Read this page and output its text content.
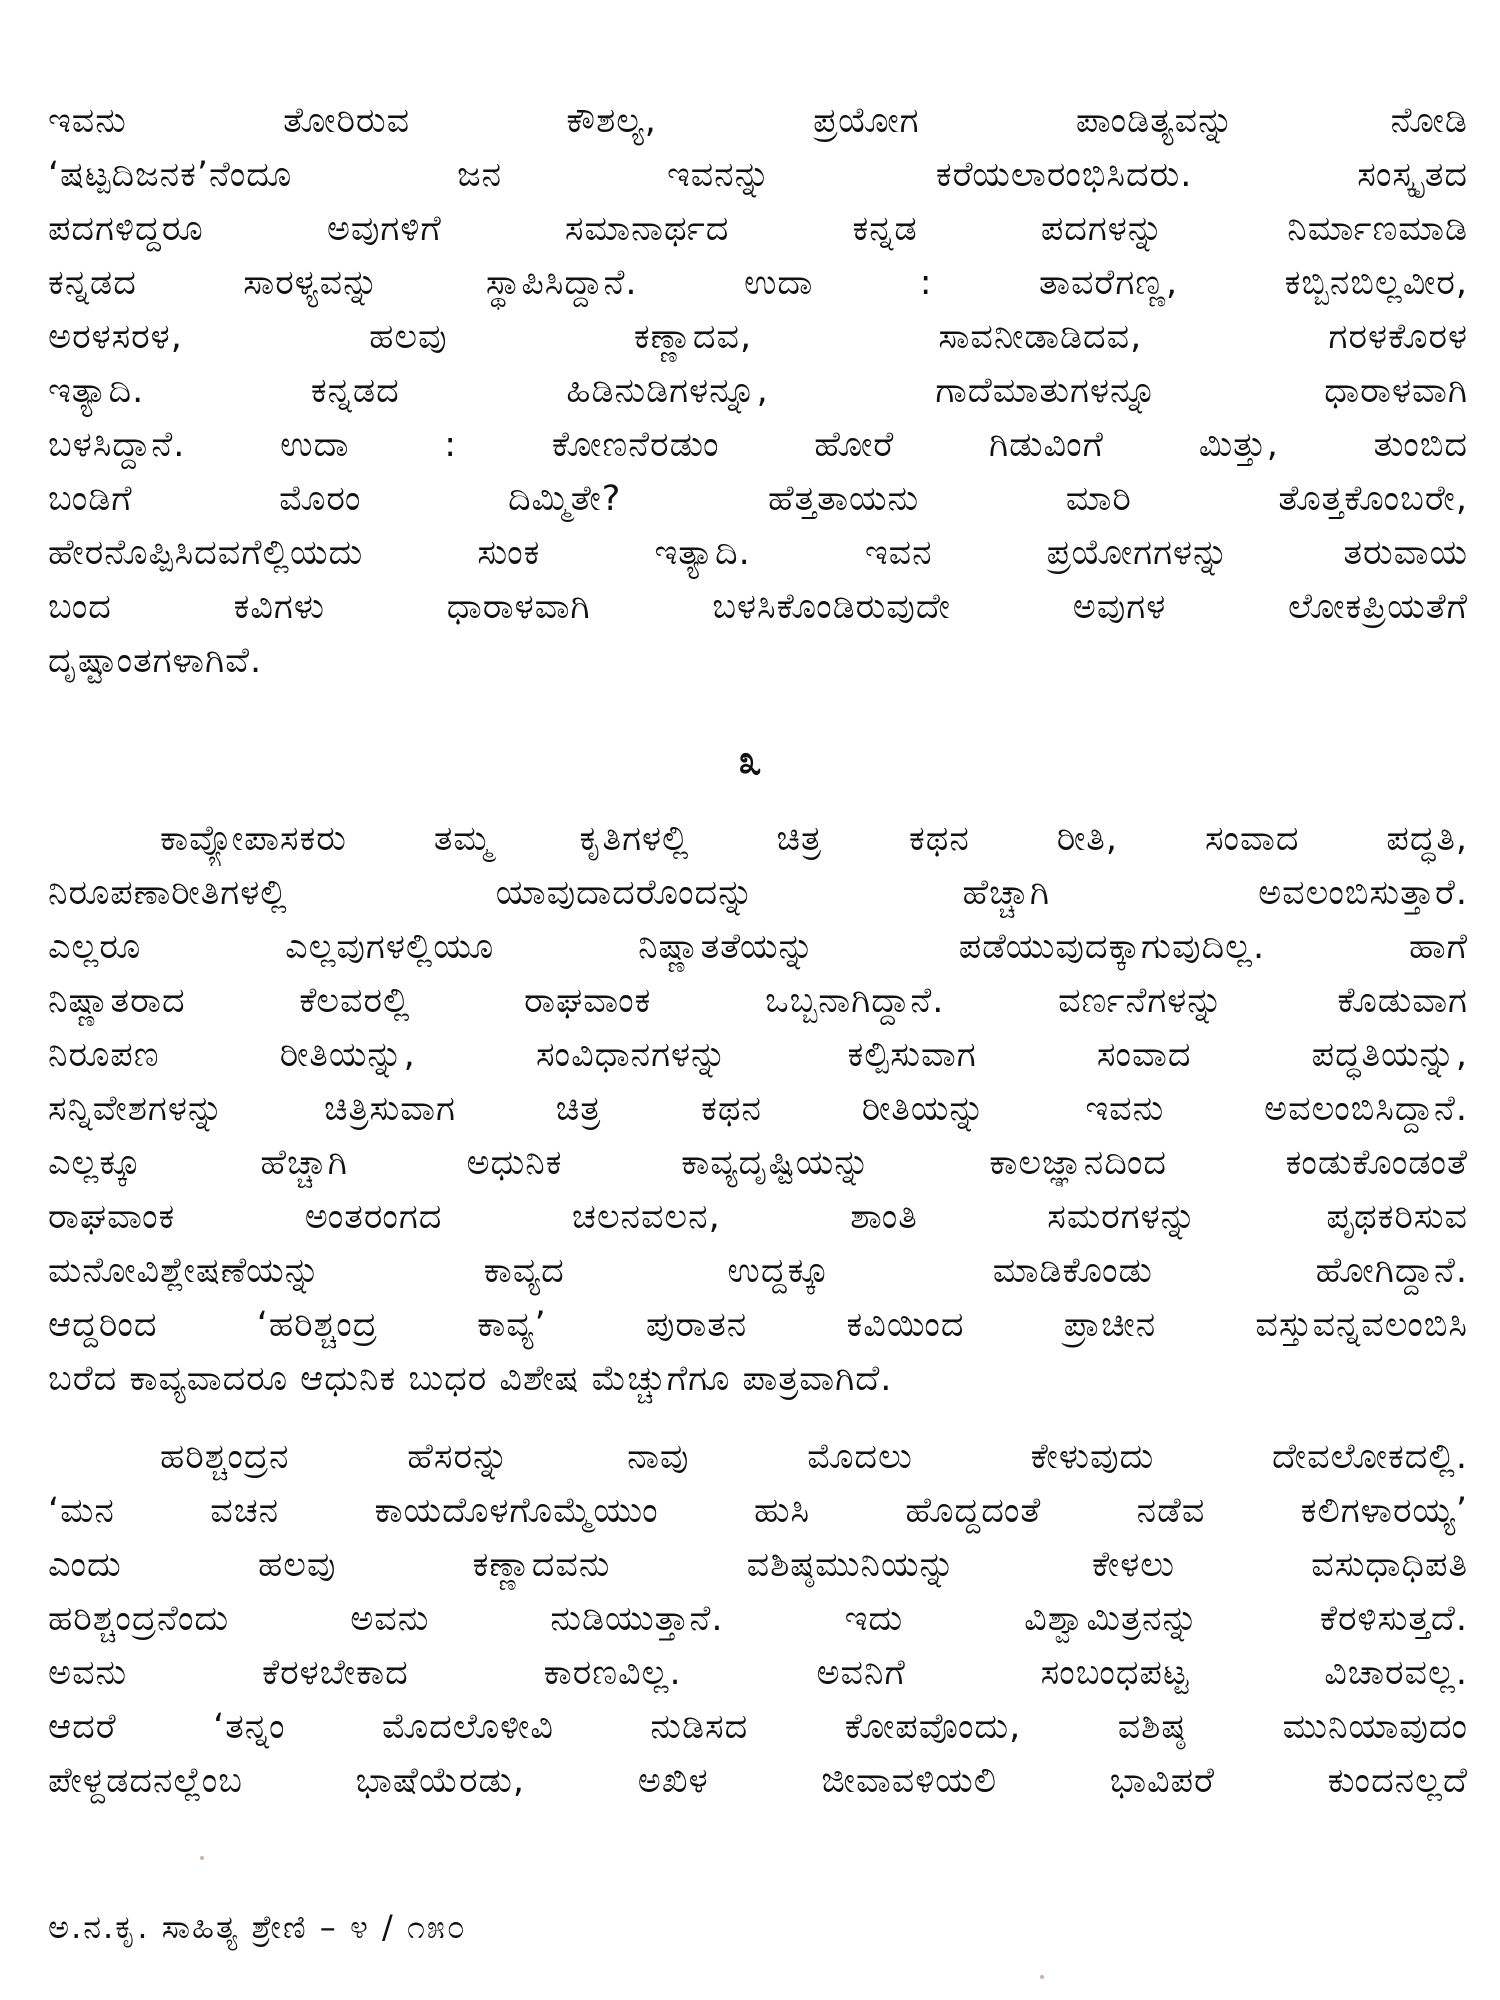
ಇವನು ತೋರಿರುವ ಕೌಶಲ್ಯ, ಪ್ರಯೋಗ ಪಾಂಡಿತ್ಯವನ್ನು ನೋಡಿ
‘ಷಟ್ಪದಿಜನಕ’ನೆಂದೂ ಜನ ಇವನನ್ನು ಕರೆಯಲಾರಂಭಿಸಿದರು. ಸಂಸ್ಕೃತದ
ಪದಗಳಿದ್ದರೂ ಅವುಗಳಿಗೆ ಸಮಾನಾರ್ಥದ ಕನ್ನಡ ಪದಗಳನ್ನು ನಿರ್ಮಾಣಮಾಡಿ
ಕನ್ನಡದ ಸಾರಳ್ಯವನ್ನು ಸ್ಥಾಪಿಸಿದ್ದಾನೆ. ಉದಾ : ತಾವರೆಗಣ್ಣ, ಕಬ್ಬಿನಬಿಲ್ಲವೀರ,
ಅರಳಸರಳ, ಹಲವು ಕಣ್ಣಾದವ, ಸಾವನೀಡಾಡಿದವ, ಗರಳಕೊರಳ
ಇತ್ಯಾದಿ. ಕನ್ನಡದ ಹಿಡಿನುಡಿಗಳನ್ನೂ, ಗಾದೆಮಾತುಗಳನ್ನೂ ಧಾರಾಳವಾಗಿ
ಬಳಸಿದ್ದಾನೆ. ಉದಾ : ಕೋಣನೆರಡುಂ ಹೋರೆ ಗಿಡುವಿಂಗೆ ಮಿತ್ತು, ತುಂಬಿದ
ಬಂಡಿಗೆ ಮೊರಂ ದಿಮ್ಮಿತೇ? ಹೆತ್ತತಾಯನು ಮಾರಿ ತೊತ್ತಕೊಂಬರೇ,
ಹೇರನೊಪ್ಪಿಸಿದವಗೆಲ್ಲಿಯದು ಸುಂಕ ಇತ್ಯಾದಿ. ಇವನ ಪ್ರಯೋಗಗಳನ್ನು ತರುವಾಯ
ಬಂದ ಕವಿಗಳು ಧಾರಾಳವಾಗಿ ಬಳಸಿಕೊಂಡಿರುವುದೇ ಅವುಗಳ ಲೋಕಪ್ರಿಯತೆಗೆ
ದೃಷ್ಟಾಂತಗಳಾಗಿವೆ.
೩
ಕಾವ್ಯೋಪಾಸಕರು ತಮ್ಮ ಕೃತಿಗಳಲ್ಲಿ ಚಿತ್ರ ಕಥನ ರೀತಿ, ಸಂವಾದ ಪದ್ಧತಿ,
ನಿರೂಪಣಾರೀತಿಗಳಲ್ಲಿ ಯಾವುದಾದರೊಂದನ್ನು ಹೆಚ್ಚಾಗಿ ಅವಲಂಬಿಸುತ್ತಾರೆ.
ಎಲ್ಲರೂ ಎಲ್ಲವುಗಳಲ್ಲಿಯೂ ನಿಷ್ಣಾತತೆಯನ್ನು ಪಡೆಯುವುದಕ್ಕಾಗುವುದಿಲ್ಲ. ಹಾಗೆ
ನಿಷ್ಣಾತರಾದ ಕೆಲವರಲ್ಲಿ ರಾಘವಾಂಕ ಒಬ್ಬನಾಗಿದ್ದಾನೆ. ವರ್ಣನೆಗಳನ್ನು ಕೊಡುವಾಗ
ನಿರೂಪಣ ರೀತಿಯನ್ನು, ಸಂವಿಧಾನಗಳನ್ನು ಕಲ್ಪಿಸುವಾಗ ಸಂವಾದ ಪದ್ಧತಿಯನ್ನು,
ಸನ್ನಿವೇಶಗಳನ್ನು ಚಿತ್ರಿಸುವಾಗ ಚಿತ್ರ ಕಥನ ರೀತಿಯನ್ನು ಇವನು ಅವಲಂಬಿಸಿದ್ದಾನೆ.
ಎಲ್ಲಕ್ಕೂ ಹೆಚ್ಚಾಗಿ ಅಧುನಿಕ ಕಾವ್ಯದೃಷ್ಟಿಯನ್ನು ಕಾಲಜ್ಞಾನದಿಂದ ಕಂಡುಕೊಂಡಂತೆ
ರಾಘವಾಂಕ ಅಂತರಂಗದ ಚಲನವಲನ, ಶಾಂತಿ ಸಮರಗಳನ್ನು ಪೃಥಕರಿಸುವ
ಮನೋವಿಶ್ಲೇಷಣೆಯನ್ನು ಕಾವ್ಯದ ಉದ್ದಕ್ಕೂ ಮಾಡಿಕೊಂಡು ಹೋಗಿದ್ದಾನೆ.
ಆದ್ದರಿಂದ ‘ಹರಿಶ್ಚಂದ್ರ ಕಾವ್ಯ’ ಪುರಾತನ ಕವಿಯಿಂದ ಪ್ರಾಚೀನ ವಸ್ತುವನ್ನವಲಂಬಿಸಿ
ಬರೆದ ಕಾವ್ಯವಾದರೂ ಆಧುನಿಕ ಬುಧರ ವಿಶೇಷ ಮೆಚ್ಚುಗೆಗೂ ಪಾತ್ರವಾಗಿದೆ.
ಹರಿಶ್ಚಂದ್ರನ ಹೆಸರನ್ನು ನಾವು ಮೊದಲು ಕೇಳುವುದು ದೇವಲೋಕದಲ್ಲಿ.
‘ಮನ ವಚನ ಕಾಯದೊಳಗೊಮ್ಮೆಯುಂ ಹುಸಿ ಹೊದ್ದದಂತೆ ನಡೆವ ಕಲಿಗಳಾರಯ್ಯ’
ಎಂದು ಹಲವು ಕಣ್ಣಾದವನು ವಶಿಷ್ಠಮುನಿಯನ್ನು ಕೇಳಲು ವಸುಧಾಧಿಪತಿ
ಹರಿಶ್ಚಂದ್ರನೆಂದು ಅವನು ನುಡಿಯುತ್ತಾನೆ. ಇದು ವಿಶ್ವಾಮಿತ್ರನನ್ನು ಕೆರಳಿಸುತ್ತದೆ.
ಅವನು ಕೆರಳಬೇಕಾದ ಕಾರಣವಿಲ್ಲ. ಅವನಿಗೆ ಸಂಬಂಧಪಟ್ಟ ವಿಚಾರವಲ್ಲ.
ಆದರೆ ‘ತನ್ನಂ ಮೊದಲೊಳೀವಿ ನುಡಿಸದ ಕೋಪವೊಂದು, ವಶಿಷ್ಠ ಮುನಿಯಾವುದಂ
ಪೇಳ್ದಡದನಲ್ಲೆಂಬ ಭಾಷೆಯೆರಡು, ಅಖಿಳ ಜೀವಾವಳಿಯಲಿ ಭಾವಿಪರೆ ಕುಂದನಲ್ಲದೆ
ಅ.ನ.ಕೃ. ಸಾಹಿತ್ಯ ಶ್ರೇಣಿ – ೪ / ೧೫೦
